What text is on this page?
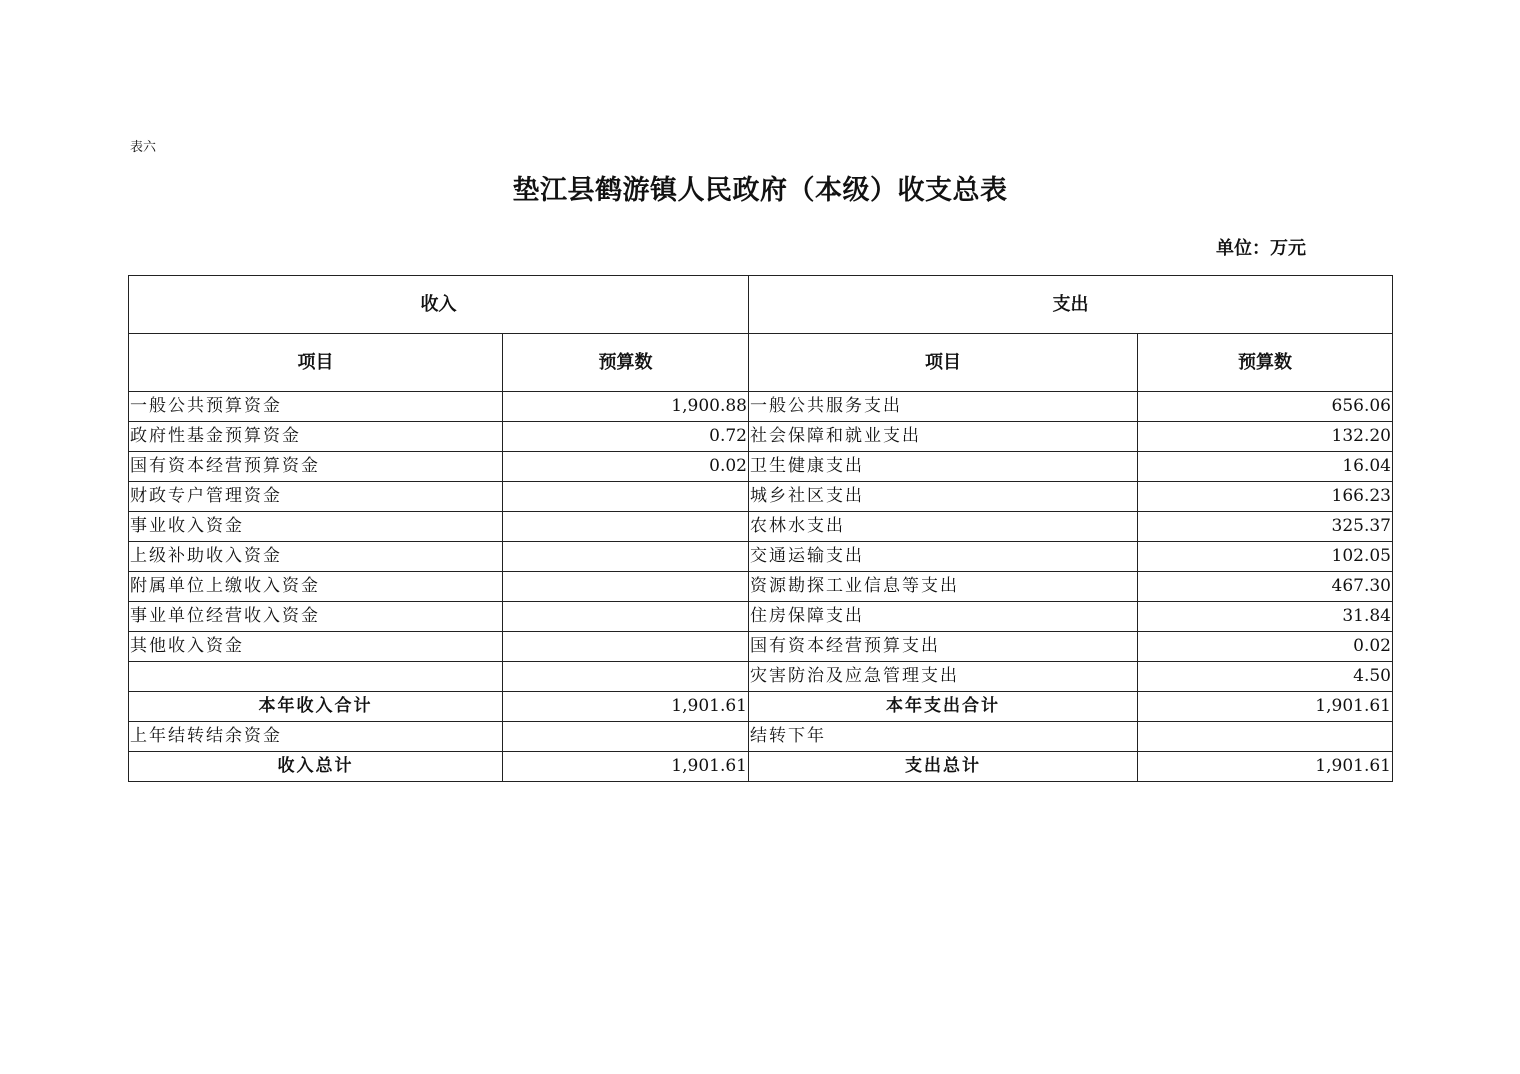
表六
垫江县鹤游镇人民政府（本级）收支总表
单位：万元
收入		支出	
项目	预算数	项目	预算数
一般公共预算资金	1,900.88	一般公共服务支出	656.06
政府性基金预算资金	0.72	社会保障和就业支出	132.20
国有资本经营预算资金	0.02	卫生健康支出	16.04
财政专户管理资金		城乡社区支出	166.23
事业收入资金		农林水支出	325.37
上级补助收入资金		交通运输支出	102.05
附属单位上缴收入资金		资源勘探工业信息等支出	467.30
事业单位经营收入资金		住房保障支出	31.84
其他收入资金		国有资本经营预算支出	0.02
		灾害防治及应急管理支出	4.50
本年收入合计	1,901.61	本年支出合计	1,901.61
上年结转结余资金		结转下年	
收入总计	1,901.61	支出总计	1,901.61
